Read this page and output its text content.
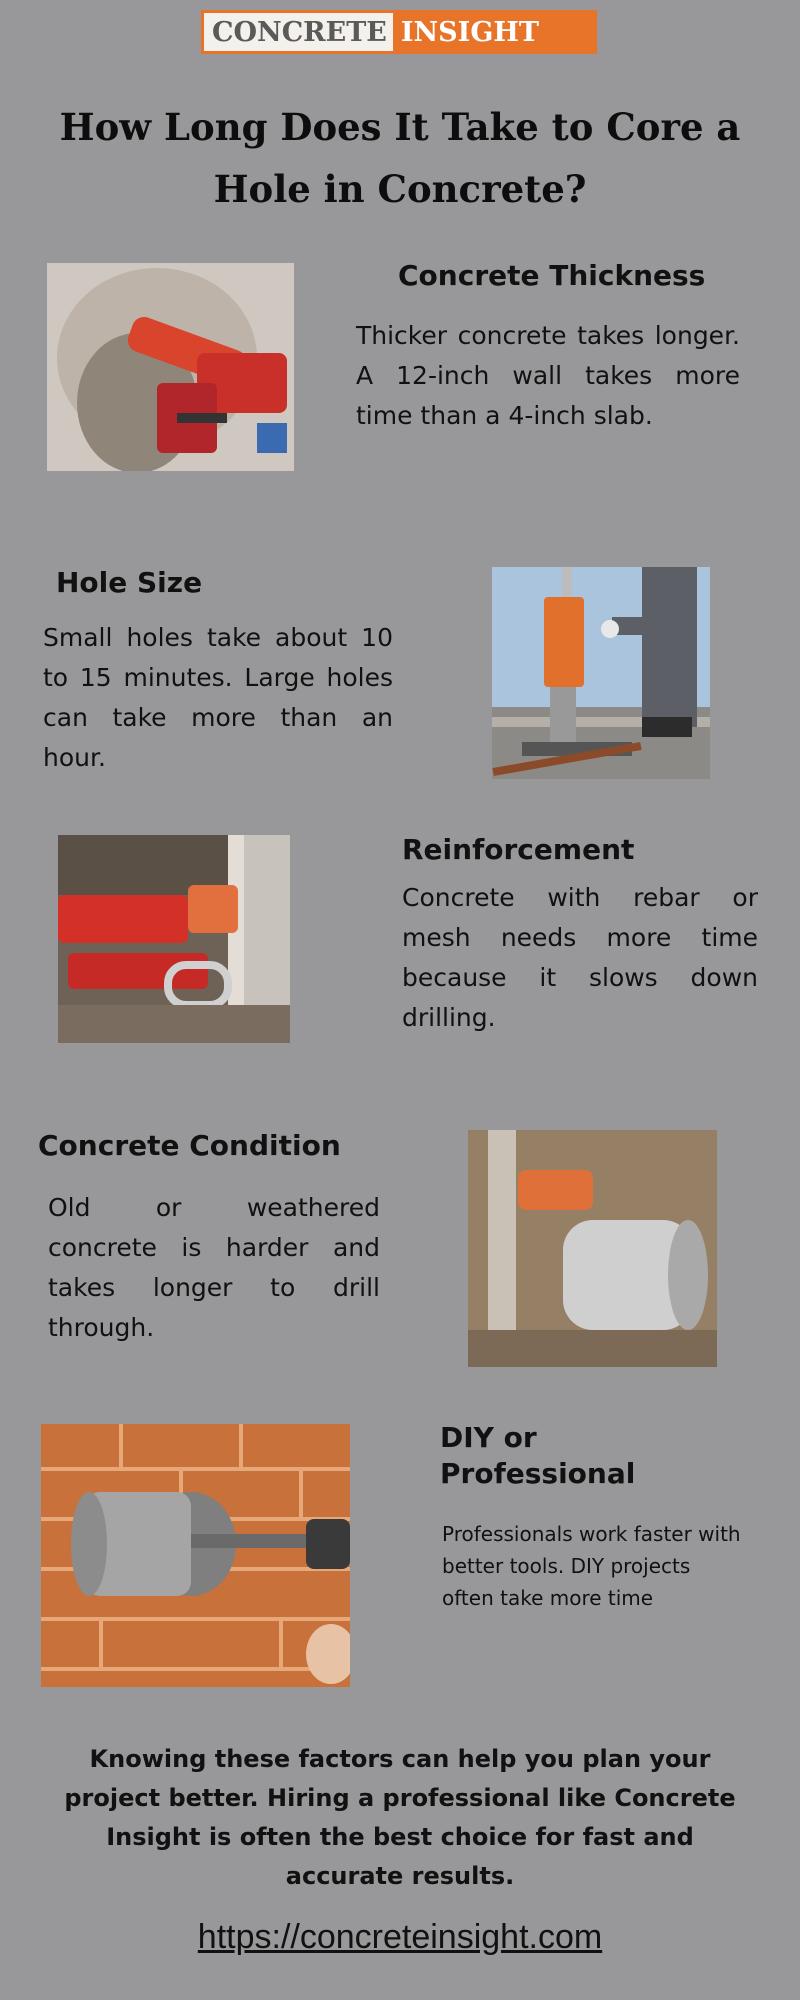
CONCRETE INSIGHT
How Long Does It Take to Core a Hole in Concrete?
Concrete Thickness
Thicker concrete takes longer. A 12-inch wall takes more time than a 4-inch slab.
Hole Size
Small holes take about 10 to 15 minutes. Large holes can take more than an hour.
Reinforcement
Concrete with rebar or mesh needs more time because it slows down drilling.
Concrete Condition
Old or weathered concrete is harder and takes longer to drill through.
DIY or Professional
Professionals work faster with better tools. DIY projects often take more time
Knowing these factors can help you plan your project better. Hiring a professional like Concrete Insight is often the best choice for fast and accurate results.
https://concreteinsight.com
